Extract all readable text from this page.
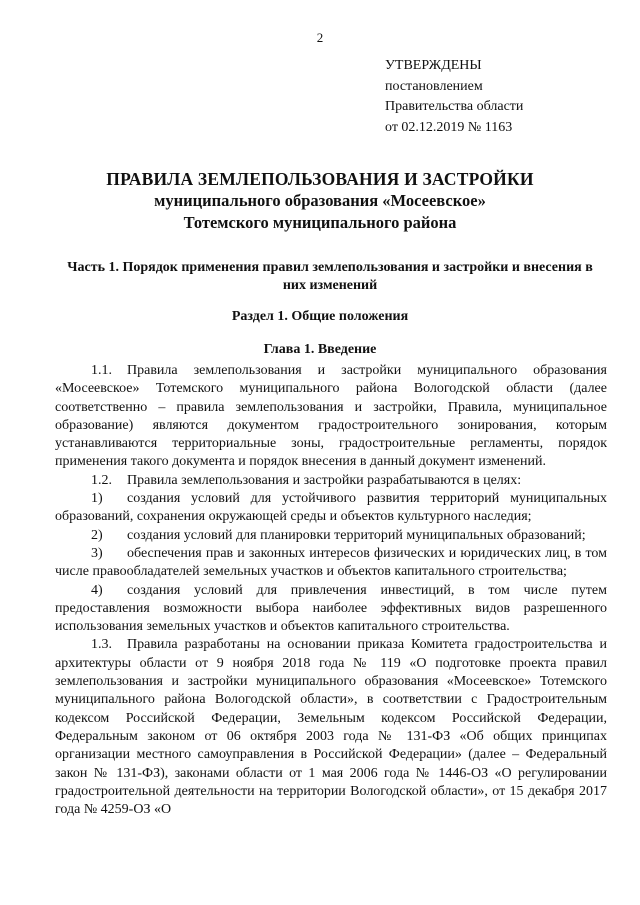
2
УТВЕРЖДЕНЫ
постановлением
Правительства области
от 02.12.2019 № 1163
ПРАВИЛА ЗЕМЛЕПОЛЬЗОВАНИЯ И ЗАСТРОЙКИ
муниципального образования «Мосеевское»
Тотемского муниципального района
Часть 1. Порядок применения правил землепользования и застройки и внесения в них изменений
Раздел 1. Общие положения
Глава 1. Введение

1.1. Правила землепользования и застройки муниципального образования «Мосеевское» Тотемского муниципального района Вологодской области (далее соответственно – правила землепользования и застройки, Правила, муниципальное образование) являются документом градостроительного зонирования, которым устанавливаются территориальные зоны, градостроительные регламенты, порядок применения такого документа и порядок внесения в данный документ изменений.

1.2. Правила землепользования и застройки разрабатываются в целях:

1) создания условий для устойчивого развития территорий муниципальных образований, сохранения окружающей среды и объектов культурного наследия;

2) создания условий для планировки территорий муниципальных образований;

3) обеспечения прав и законных интересов физических и юридических лиц, в том числе правообладателей земельных участков и объектов капитального строительства;

4) создания условий для привлечения инвестиций, в том числе путем предоставления возможности выбора наиболее эффективных видов разрешенного использования земельных участков и объектов капитального строительства.

1.3. Правила разработаны на основании приказа Комитета градостроительства и архитектуры области от 9 ноября 2018 года № 119 «О подготовке проекта правил землепользования и застройки муниципального образования «Мосеевское» Тотемского муниципального района Вологодской области», в соответствии с Градостроительным кодексом Российской Федерации, Земельным кодексом Российской Федерации, Федеральным законом от 06 октября 2003 года № 131-ФЗ «Об общих принципах организации местного самоуправления в Российской Федерации» (далее – Федеральный закон № 131-ФЗ), законами области от 1 мая 2006 года № 1446-ОЗ «О регулировании градостроительной деятельности на территории Вологодской области», от 15 декабря 2017 года № 4259-ОЗ «О
